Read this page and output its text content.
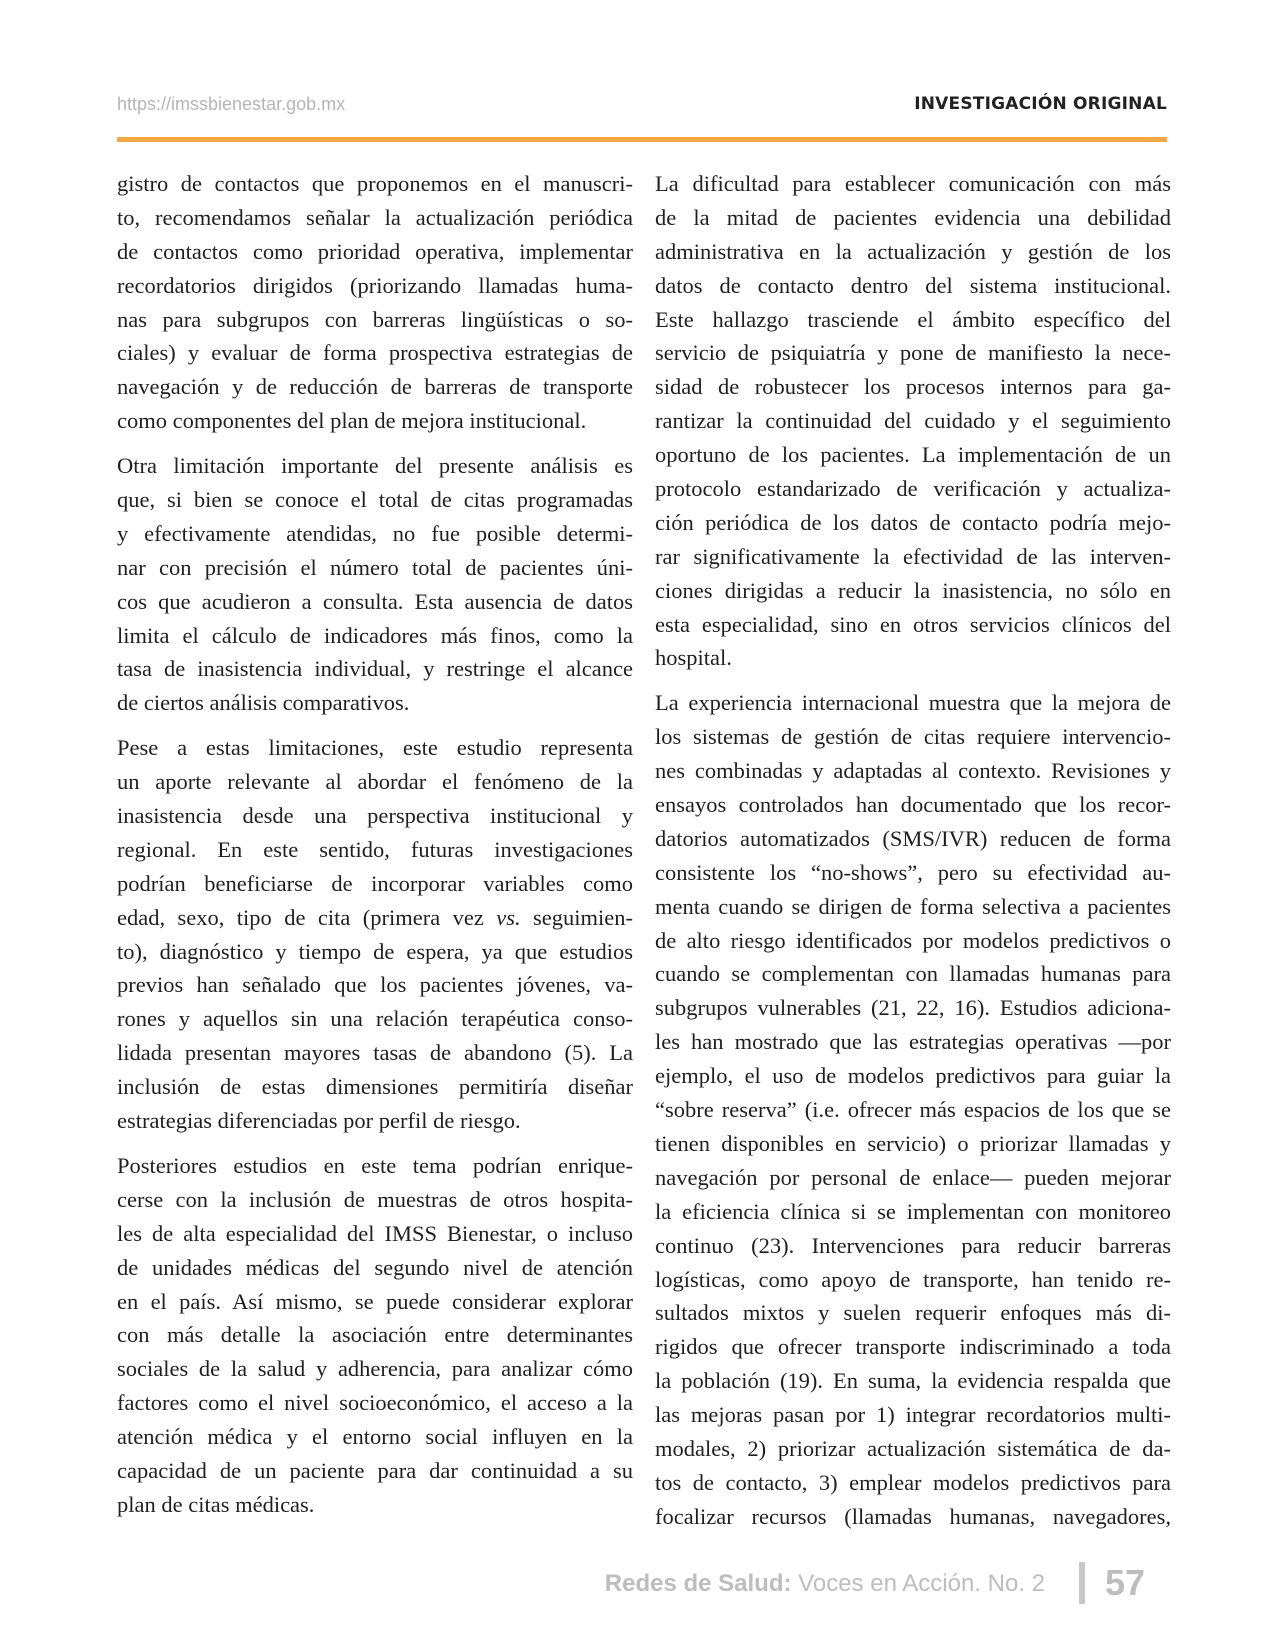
https://imssbienestar.gob.mx	INVESTIGACIÓN ORIGINAL
gistro de contactos que proponemos en el manuscri-
to, recomendamos señalar la actualización periódica
de contactos como prioridad operativa, implementar
recordatorios dirigidos (priorizando llamadas huma-
nas para subgrupos con barreras lingüísticas o so-
ciales) y evaluar de forma prospectiva estrategias de
navegación y de reducción de barreras de transporte
como componentes del plan de mejora institucional.
Otra limitación importante del presente análisis es
que, si bien se conoce el total de citas programadas
y efectivamente atendidas, no fue posible determi-
nar con precisión el número total de pacientes úni-
cos que acudieron a consulta. Esta ausencia de datos
limita el cálculo de indicadores más finos, como la
tasa de inasistencia individual, y restringe el alcance
de ciertos análisis comparativos.
Pese a estas limitaciones, este estudio representa
un aporte relevante al abordar el fenómeno de la
inasistencia desde una perspectiva institucional y
regional. En este sentido, futuras investigaciones
podrían beneficiarse de incorporar variables como
edad, sexo, tipo de cita (primera vez vs. seguimien-
to), diagnóstico y tiempo de espera, ya que estudios
previos han señalado que los pacientes jóvenes, va-
rones y aquellos sin una relación terapéutica conso-
lidada presentan mayores tasas de abandono (5). La
inclusión de estas dimensiones permitiría diseñar
estrategias diferenciadas por perfil de riesgo.
Posteriores estudios en este tema podrían enrique-
cerse con la inclusión de muestras de otros hospita-
les de alta especialidad del IMSS Bienestar, o incluso
de unidades médicas del segundo nivel de atención
en el país. Así mismo, se puede considerar explorar
con más detalle la asociación entre determinantes
sociales de la salud y adherencia, para analizar cómo
factores como el nivel socioeconómico, el acceso a la
atención médica y el entorno social influyen en la
capacidad de un paciente para dar continuidad a su
plan de citas médicas.
La dificultad para establecer comunicación con más
de la mitad de pacientes evidencia una debilidad
administrativa en la actualización y gestión de los
datos de contacto dentro del sistema institucional.
Este hallazgo trasciende el ámbito específico del
servicio de psiquiatría y pone de manifiesto la nece-
sidad de robustecer los procesos internos para ga-
rantizar la continuidad del cuidado y el seguimiento
oportuno de los pacientes. La implementación de un
protocolo estandarizado de verificación y actualiza-
ción periódica de los datos de contacto podría mejo-
rar significativamente la efectividad de las interven-
ciones dirigidas a reducir la inasistencia, no sólo en
esta especialidad, sino en otros servicios clínicos del
hospital.
La experiencia internacional muestra que la mejora de
los sistemas de gestión de citas requiere intervencio-
nes combinadas y adaptadas al contexto. Revisiones y
ensayos controlados han documentado que los recor-
datorios automatizados (SMS/IVR) reducen de forma
consistente los “no-shows”, pero su efectividad au-
menta cuando se dirigen de forma selectiva a pacientes
de alto riesgo identificados por modelos predictivos o
cuando se complementan con llamadas humanas para
subgrupos vulnerables (21, 22, 16). Estudios adiciona-
les han mostrado que las estrategias operativas —por
ejemplo, el uso de modelos predictivos para guiar la
“sobre reserva” (i.e. ofrecer más espacios de los que se
tienen disponibles en servicio) o priorizar llamadas y
navegación por personal de enlace— pueden mejorar
la eficiencia clínica si se implementan con monitoreo
continuo (23). Intervenciones para reducir barreras
logísticas, como apoyo de transporte, han tenido re-
sultados mixtos y suelen requerir enfoques más di-
rigidos que ofrecer transporte indiscriminado a toda
la población (19). En suma, la evidencia respalda que
las mejoras pasan por 1) integrar recordatorios multi-
modales, 2) priorizar actualización sistemática de da-
tos de contacto, 3) emplear modelos predictivos para
focalizar recursos (llamadas humanas, navegadores,
Redes de Salud: Voces en Acción. No. 2 57
